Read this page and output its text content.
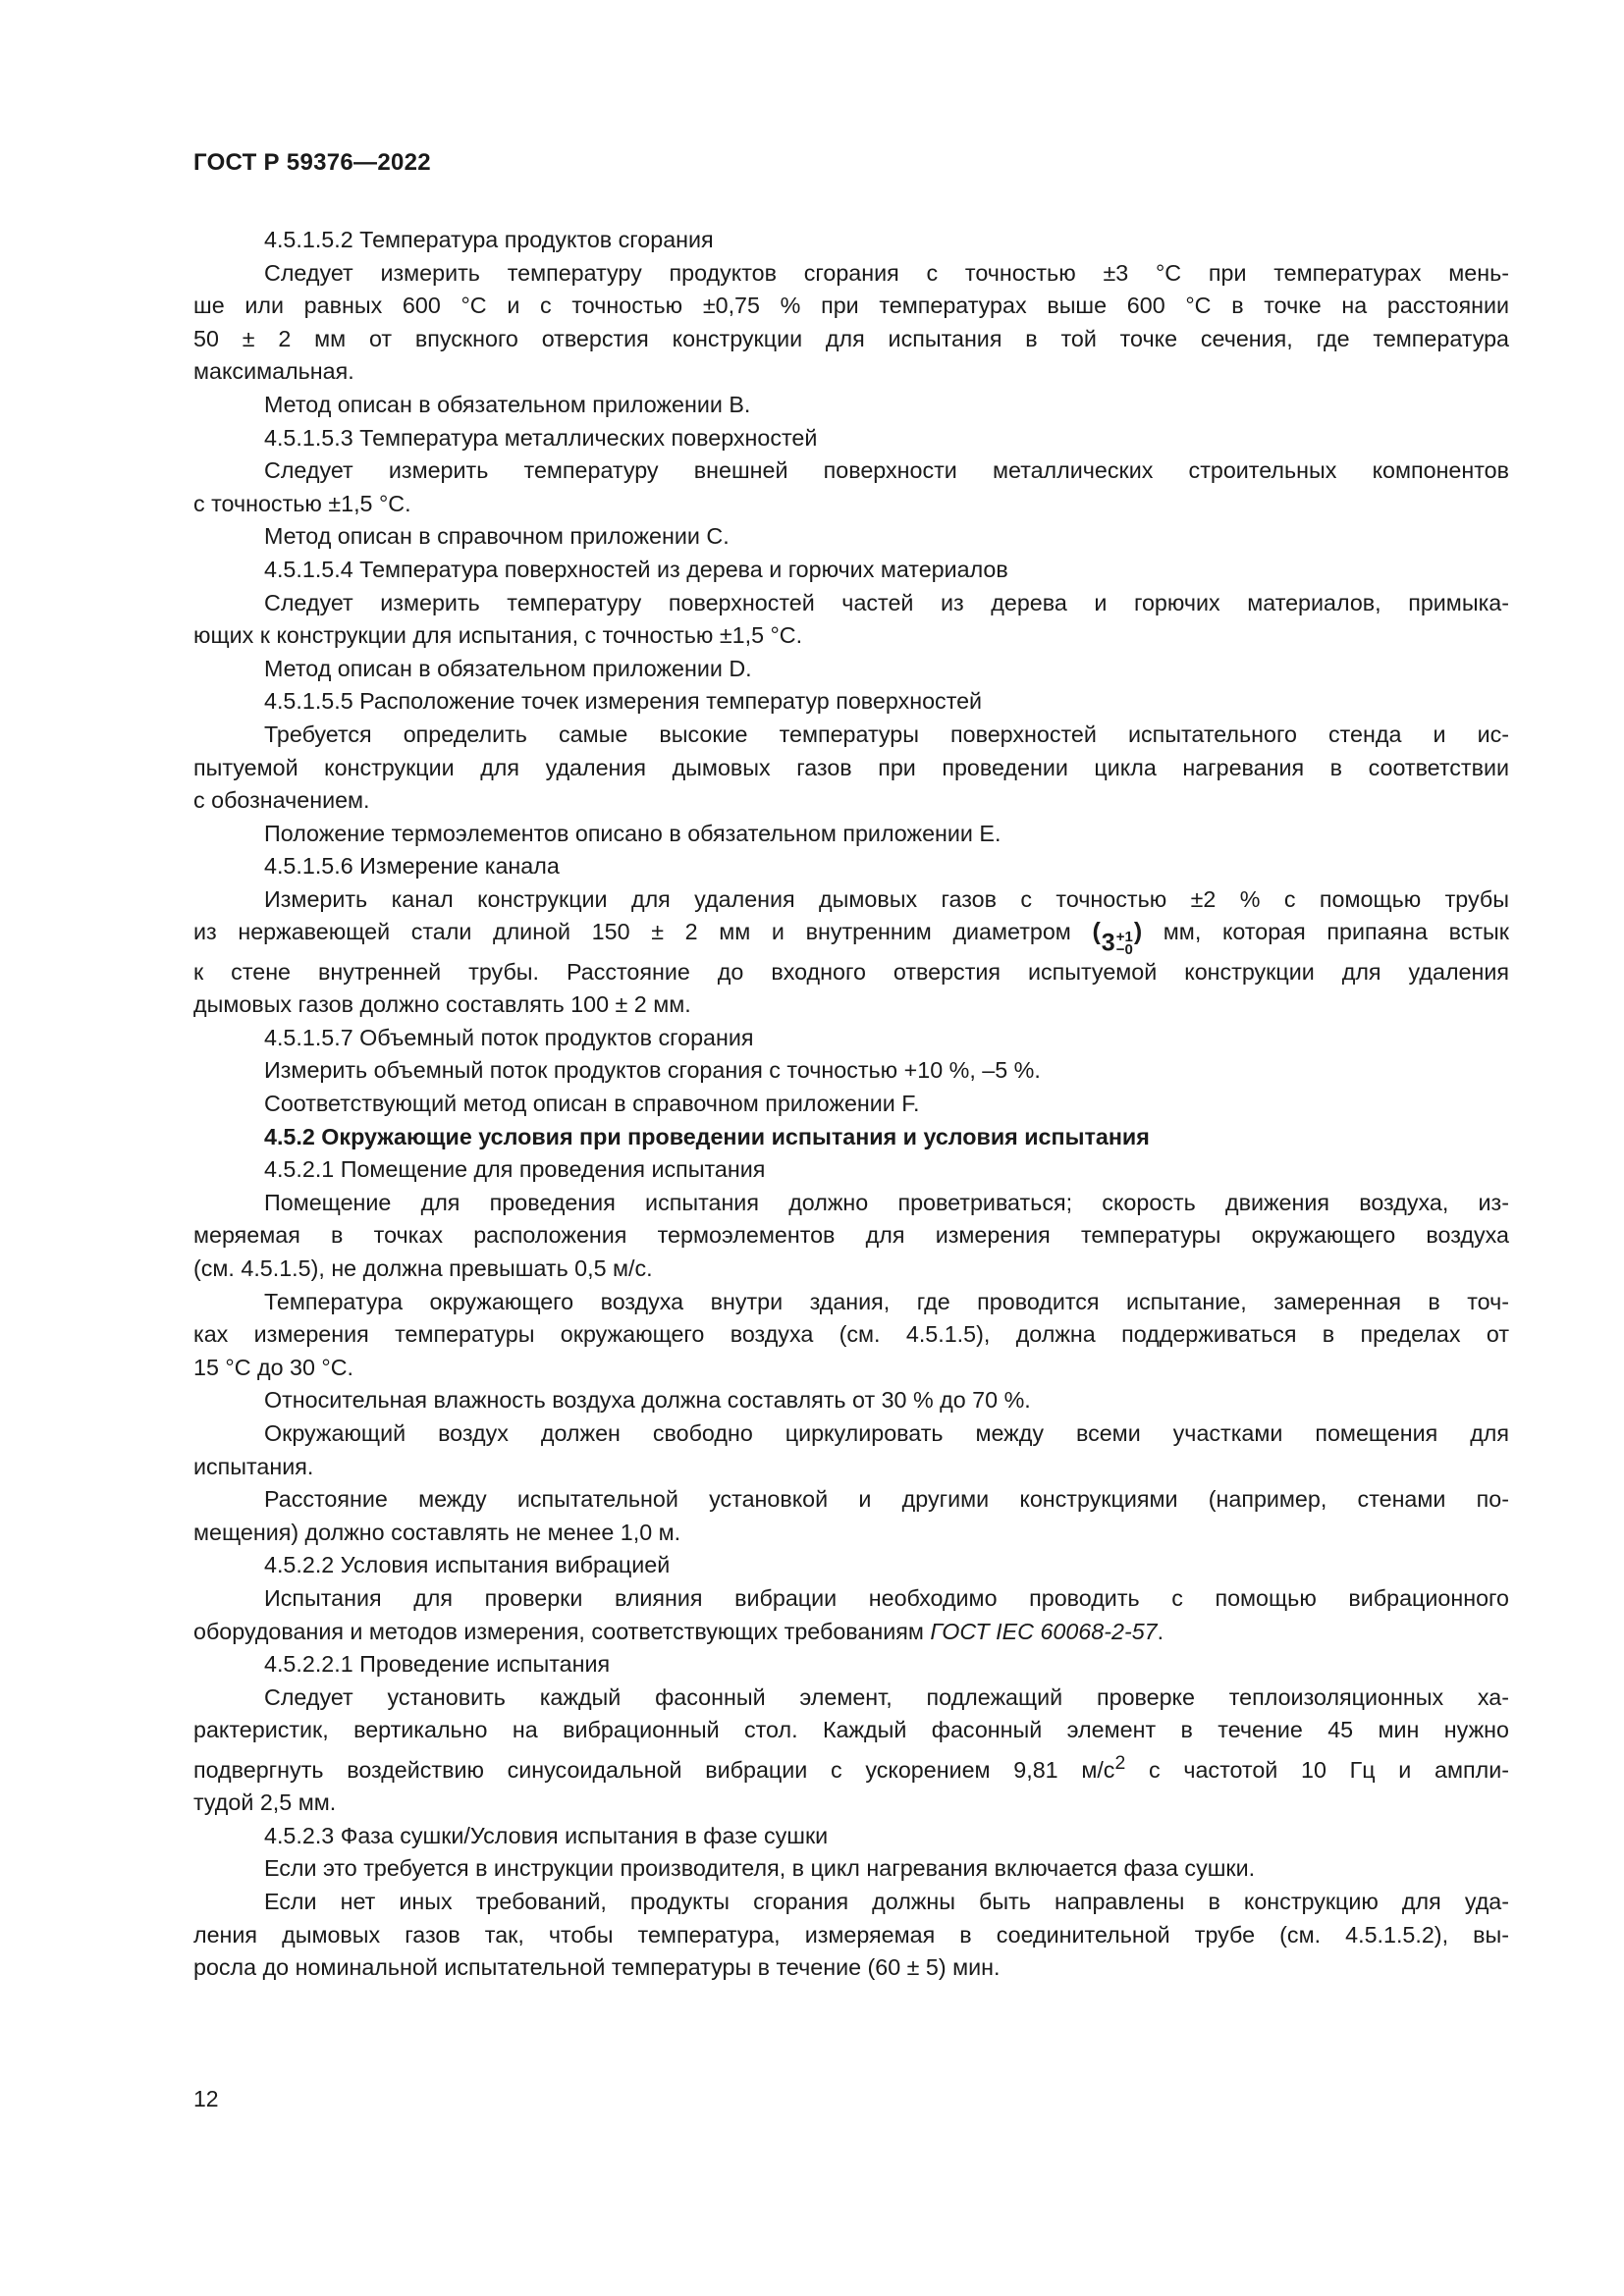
ГОСТ Р 59376—2022

4.5.1.5.2 Температура продуктов сгорания

Следует измерить температуру продуктов сгорания с точностью ±3 °С при температурах мень-

ше или равных 600 °С и с точностью ±0,75 % при температурах выше 600 °С в точке на расстоянии

50 ± 2 мм от впускного отверстия конструкции для испытания в той точке сечения, где температура

максимальная.

Метод описан в обязательном приложении В.

4.5.1.5.3 Температура металлических поверхностей

Следует измерить температуру внешней поверхности металлических строительных компонентов

с точностью ±1,5 °С.

Метод описан в справочном приложении С.

4.5.1.5.4 Температура поверхностей из дерева и горючих материалов

Следует измерить температуру поверхностей частей из дерева и горючих материалов, примыка-

ющих к конструкции для испытания, с точностью ±1,5 °С.

Метод описан в обязательном приложении D.

4.5.1.5.5 Расположение точек измерения температур поверхностей

Требуется определить самые высокие температуры поверхностей испытательного стенда и ис-

пытуемой конструкции для удаления дымовых газов при проведении цикла нагревания в соответствии

с обозначением.

Положение термоэлементов описано в обязательном приложении Е.

4.5.1.5.6 Измерение канала

Измерить канал конструкции для удаления дымовых газов с точностью ±2 % с помощью трубы

из нержавеющей стали длиной 150 ± 2 мм и внутренним диаметром (3 +1
−0
) мм, которая припаяна встык

к стене внутренней трубы. Расстояние до входного отверстия испытуемой конструкции для удаления

дымовых газов должно составлять 100 ± 2 мм.

4.5.1.5.7 Объемный поток продуктов сгорания

Измерить объемный поток продуктов сгорания с точностью +10 %, –5 %.

Соответствующий метод описан в справочном приложении F.

4.5.2 Окружающие условия при проведении испытания и условия испытания

4.5.2.1 Помещение для проведения испытания

Помещение для проведения испытания должно проветриваться; скорость движения воздуха, из-

меряемая в точках расположения термоэлементов для измерения температуры окружающего воздуха

(см. 4.5.1.5), не должна превышать 0,5 м/с.

Температура окружающего воздуха внутри здания, где проводится испытание, замеренная в точ-

ках измерения температуры окружающего воздуха (см. 4.5.1.5), должна поддерживаться в пределах от

15 °С до 30 °С.

Относительная влажность воздуха должна составлять от 30 % до 70 %.

Окружающий воздух должен свободно циркулировать между всеми участками помещения для

испытания.

Расстояние между испытательной установкой и другими конструкциями (например, стенами по-

мещения) должно составлять не менее 1,0 м.

4.5.2.2 Условия испытания вибрацией

Испытания для проверки влияния вибрации необходимо проводить с помощью вибрационного

оборудования и методов измерения, соответствующих требованиям ГОСТ IEC 60068-2-57.

4.5.2.2.1 Проведение испытания

Следует установить каждый фасонный элемент, подлежащий проверке теплоизоляционных ха-

рактеристик, вертикально на вибрационный стол. Каждый фасонный элемент в течение 45 мин нужно

подвергнуть воздействию синусоидальной вибрации с ускорением 9,81 $м/с^2$ с частотой 10 Гц и ампли-

тудой 2,5 мм.

4.5.2.3 Фаза сушки/Условия испытания в фазе сушки

Если это требуется в инструкции производителя, в цикл нагревания включается фаза сушки.

Если нет иных требований, продукты сгорания должны быть направлены в конструкцию для уда-

ления дымовых газов так, чтобы температура, измеряемая в соединительной трубе (см. 4.5.1.5.2), вы-

росла до номинальной испытательной температуры в течение (60 ± 5) мин.

12
